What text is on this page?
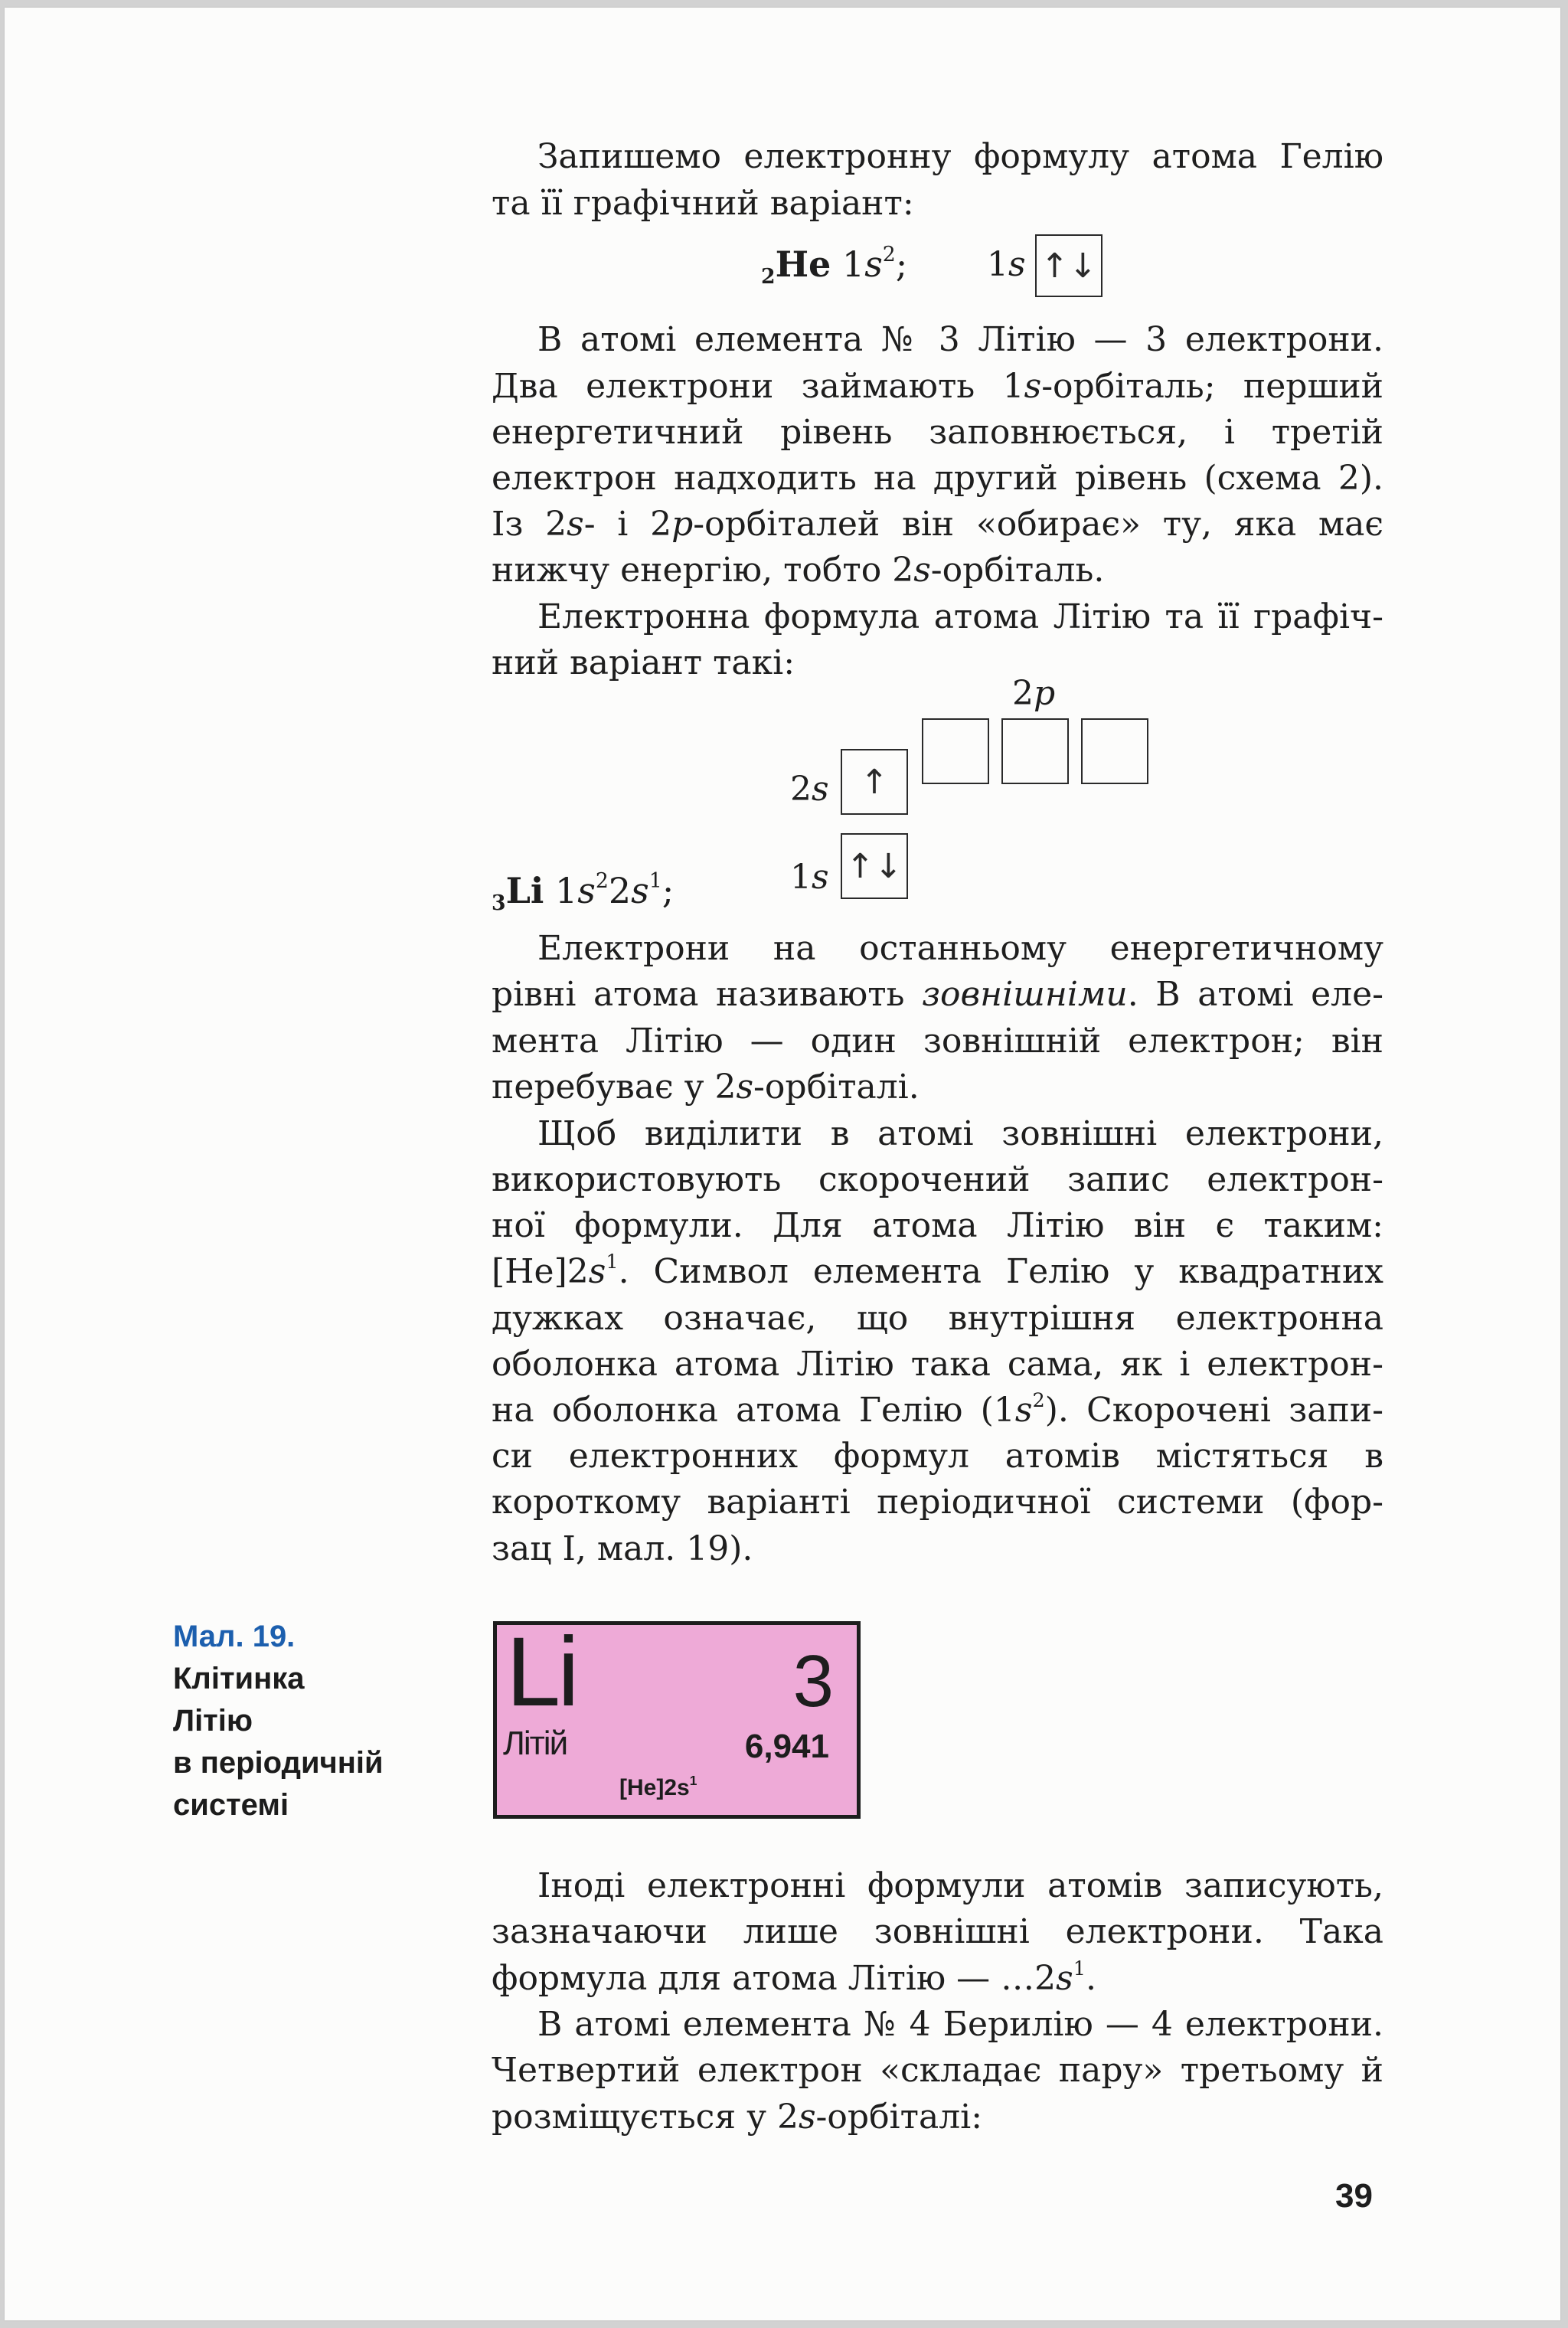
Запишемо електронну формулу атома Гелію

та її графічний варіант:

$_2$He $1s^2$; 1s ↑↓

В атомі елемента № 3 Літію — 3 електрони.

Два електрони займають 1s-орбіталь; перший

енергетичний рівень заповнюється, і третій

електрон надходить на другий рівень (схема 2).

Із 2s- і 2p-орбіталей він «обирає» ту, яка має

нижчу енергію, тобто 2s-орбіталь.

Електронна формула атома Літію та її графіч-

ний варіант такі:

2p
2s ↑
1s ↑↓
$_3$Li $1s^22s^1$;

Електрони на останньому енергетичному

рівні атома називають зовнішніми. В атомі еле-

мента Літію — один зовнішній електрон; він

перебуває у 2s-орбіталі.

Щоб виділити в атомі зовнішні електрони,

використовують скорочений запис електрон-

ної формули. Для атома Літію він є таким:

$[He]2s^1$. Символ елемента Гелію у квадратних

дужках означає, що внутрішня електронна

оболонка атома Літію така сама, як і електрон-

на оболонка атома Гелію $(1s^2)$. Скорочені запи-

си електронних формул атомів містяться в

короткому варіанті періодичної системи (фор-

зац I, мал. 19).

Мал. 19.
Клітинка
Літію
в періодичній
системі
Li	3
Літій	6,941
$[He]2s^1$

Іноді електронні формули атомів записують,

зазначаючи лише зовнішні електрони. Така

формула для атома Літію — $\dots 2s^1$.

В атомі елемента № 4 Берилію — 4 електрони.

Четвертий електрон «складає пару» третьому й

розміщується у 2s-орбіталі:

39
